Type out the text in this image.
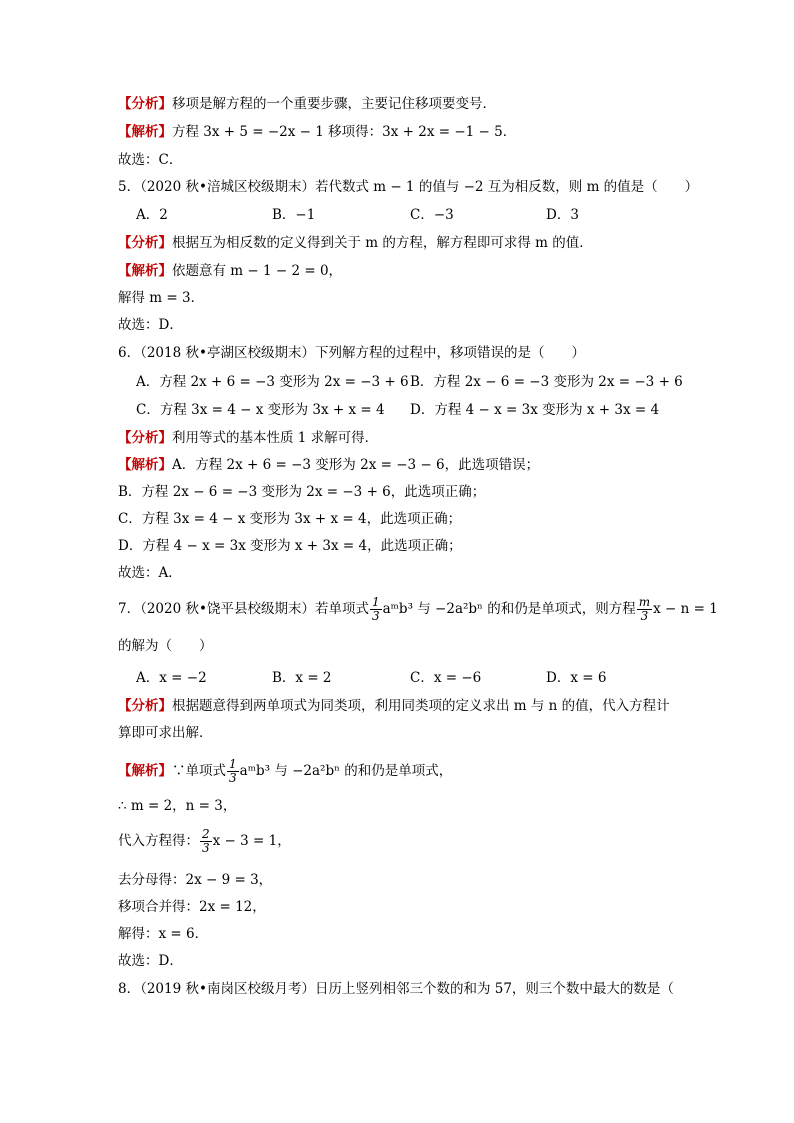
【分析】移项是解方程的一个重要步骤，主要记住移项要变号．
【解析】方程 3x + 5 = −2x − 1 移项得：3x + 2x = −1 − 5．
故选：C．
5．（2020 秋•涪城区校级期末）若代数式 m − 1 的值与 −2 互为相反数，则 m 的值是（　　）
A．2	B．−1	C．−3	D．3
【分析】根据互为相反数的定义得到关于 m 的方程，解方程即可求得 m 的值．
【解析】依题意有 m − 1 − 2 = 0，
解得 m = 3．
故选：D．
6．（2018 秋•亭湖区校级期末）下列解方程的过程中，移项错误的是（　　）
A．方程 2x + 6 = −3 变形为 2x = −3 + 6 B．方程 2x − 6 = −3 变形为 2x = −3 + 6
C．方程 3x = 4 − x 变形为 3x + x = 4 D．方程 4 − x = 3x 变形为 x + 3x = 4
【分析】利用等式的基本性质 1 求解可得．
【解析】A．方程 2x + 6 = −3 变形为 2x = −3 − 6，此选项错误；
B．方程 2x − 6 = −3 变形为 2x = −3 + 6，此选项正确；
C．方程 3x = 4 − x 变形为 3x + x = 4，此选项正确；
D．方程 4 − x = 3x 变形为 x + 3x = 4，此选项正确；
故选：A．
7．（2020 秋•饶平县校级期末）若单项式 $\frac{1}{3}$ aᵐb³ 与 −2a²bⁿ 的和仍是单项式，则方程 $\frac{m}{3}$ x − n = 1
的解为（　　）
A．x = −2	B．x = 2	C．x = −6	D．x = 6
【分析】根据题意得到两单项式为同类项，利用同类项的定义求出 m 与 n 的值，代入方程计
算即可求出解．
【解析】∵单项式 $\frac{1}{3}$ aᵐb³ 与 −2a²bⁿ 的和仍是单项式，
∴ m = 2，n = 3，
代入方程得： $\frac{2}{3}$ x − 3 = 1，
去分母得：2x − 9 = 3，
移项合并得：2x = 12，
解得：x = 6．
故选：D．
8．（2019 秋•南岗区校级月考）日历上竖列相邻三个数的和为 57，则三个数中最大的数是（
